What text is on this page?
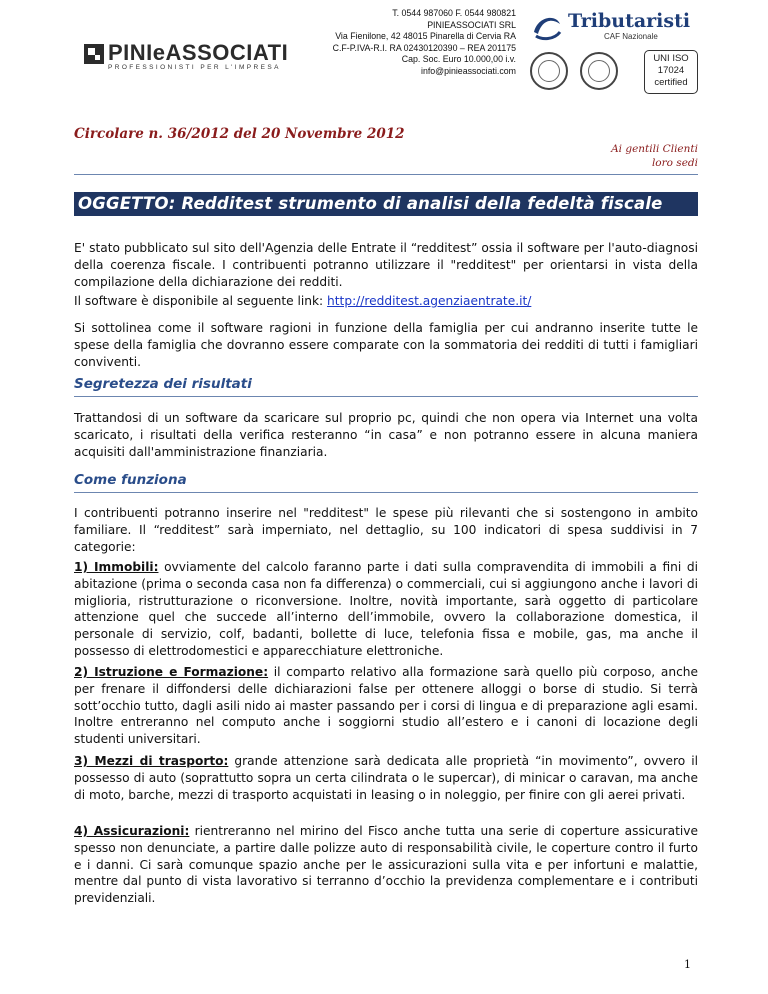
PINIeASSOCIATI
PROFESSIONISTI PER L'IMPRESA
T. 0544 987060 F. 0544 980821
PINIEASSOCIATI SRL
Via Fienilone, 42 48015 Pinarella di Cervia RA
C.F-P.IVA-R.I. RA 02430120390 – REA 201175
Cap. Soc. Euro 10.000,00 i.v.
info@pinieassociati.com
Tributaristi
CAF Nazionale
UNI ISO
17024
certified
Circolare n. 36/2012 del 20 Novembre 2012
Ai gentili Clienti
loro sedi
OGGETTO: Redditest strumento di analisi della fedeltà fiscale
E' stato pubblicato sul sito dell'Agenzia delle Entrate il “redditest” ossia il software per l'auto-diagnosi della coerenza fiscale. I contribuenti potranno utilizzare il "redditest" per orientarsi in vista della compilazione della dichiarazione dei redditi.
Il software è disponibile al seguente link: http://redditest.agenziaentrate.it/
Si sottolinea come il software ragioni in funzione della famiglia per cui andranno inserite tutte le spese della famiglia che dovranno essere comparate con la sommatoria dei redditi di tutti i famigliari conviventi.
Segretezza dei risultati
Trattandosi di un software da scaricare sul proprio pc, quindi che non opera via Internet una volta scaricato, i risultati della verifica resteranno “in casa” e non potranno essere in alcuna maniera acquisiti dall'amministrazione finanziaria.
Come funziona
I contribuenti potranno inserire nel "redditest" le spese più rilevanti che si sostengono in ambito familiare. Il “redditest” sarà imperniato, nel dettaglio, su 100 indicatori di spesa suddivisi in 7 categorie:
1) Immobili: ovviamente del calcolo faranno parte i dati sulla compravendita di immobili a fini di abitazione (prima o seconda casa non fa differenza) o commerciali, cui si aggiungono anche i lavori di miglioria, ristrutturazione o riconversione. Inoltre, novità importante, sarà oggetto di particolare attenzione quel che succede all’interno dell’immobile, ovvero la collaborazione domestica, il personale di servizio, colf, badanti, bollette di luce, telefonia fissa e mobile, gas, ma anche il possesso di elettrodomestici e apparecchiature elettroniche.
2) Istruzione e Formazione: il comparto relativo alla formazione sarà quello più corposo, anche per frenare il diffondersi delle dichiarazioni false per ottenere alloggi o borse di studio. Si terrà sott’occhio tutto, dagli asili nido ai master passando per i corsi di lingua e di preparazione agli esami. Inoltre entreranno nel computo anche i soggiorni studio all’estero e i canoni di locazione degli studenti universitari.
3) Mezzi di trasporto: grande attenzione sarà dedicata alle proprietà “in movimento”, ovvero il possesso di auto (soprattutto sopra un certa cilindrata o le supercar), di minicar o caravan, ma anche di moto, barche, mezzi di trasporto acquistati in leasing o in noleggio, per finire con gli aerei privati.
4) Assicurazioni: rientreranno nel mirino del Fisco anche tutta una serie di coperture assicurative spesso non denunciate, a partire dalle polizze auto di responsabilità civile, le coperture contro il furto e i danni. Ci sarà comunque spazio anche per le assicurazioni sulla vita e per infortuni e malattie, mentre dal punto di vista lavorativo si terranno d’occhio la previdenza complementare e i contributi previdenziali.
1
